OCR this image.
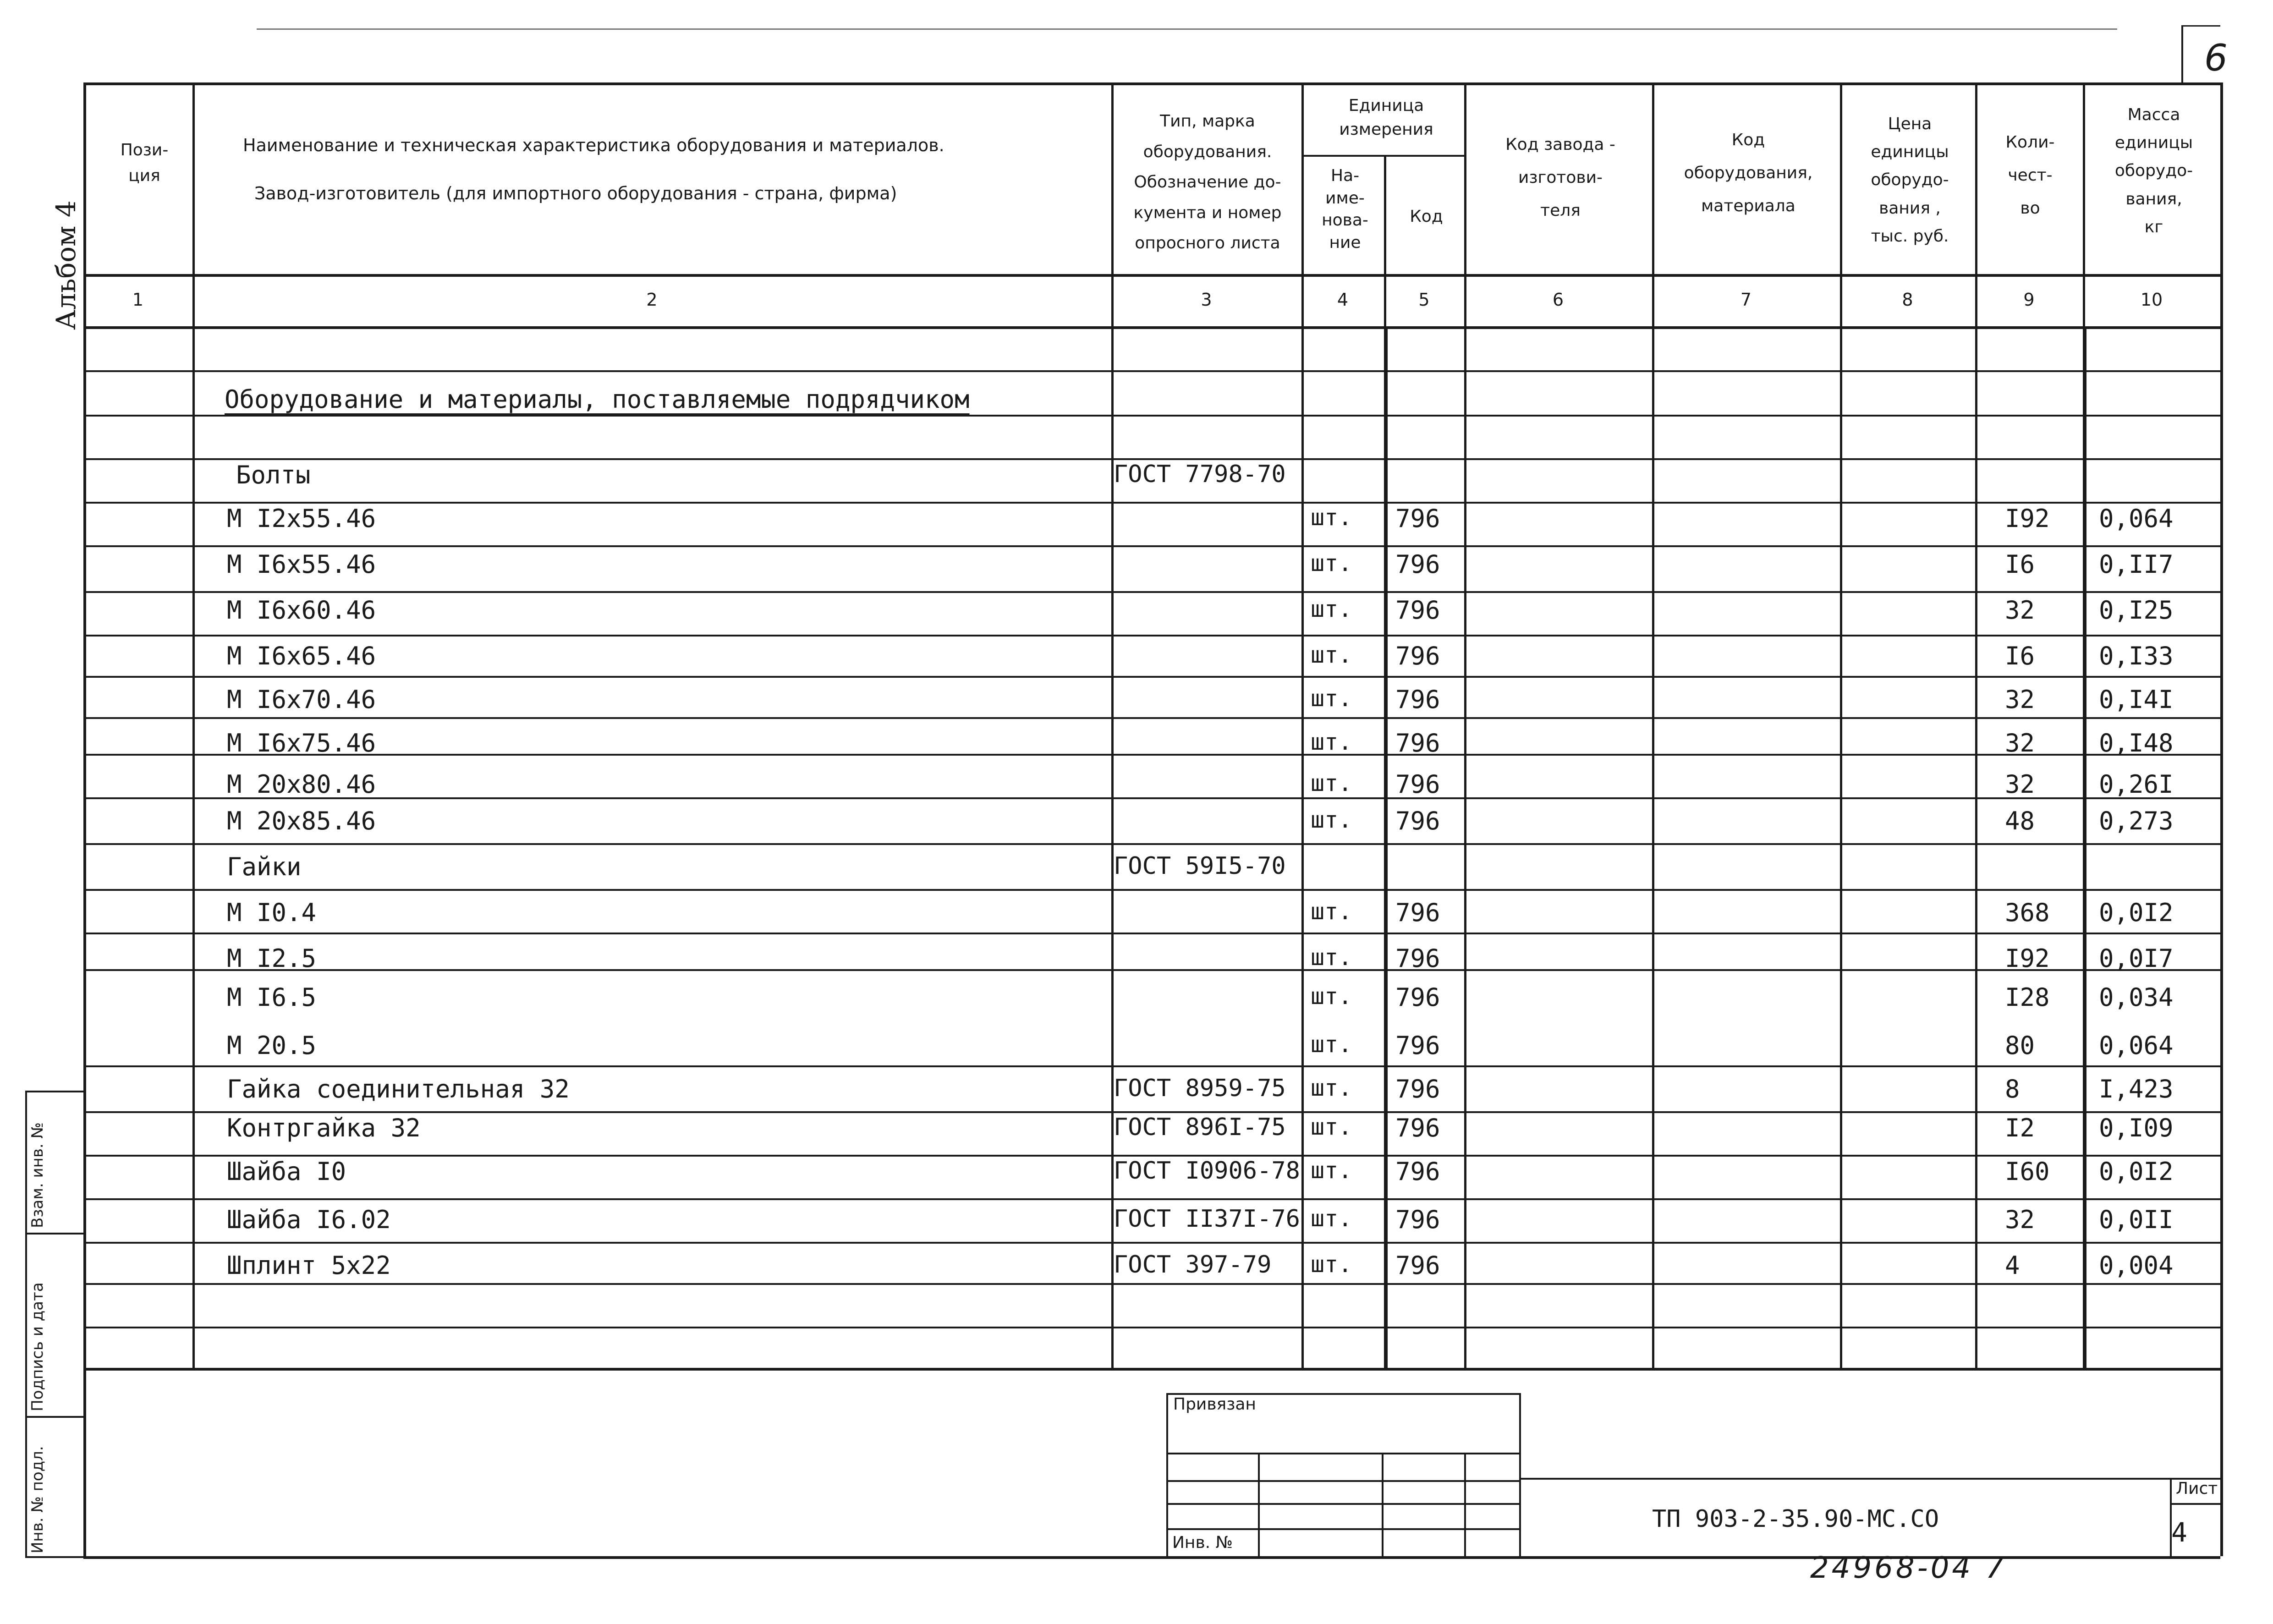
6
Альбом 4
Взам. инв. №
Подпись и дата
Инв. № подл.
Пози-
ция
Наименование и техническая характеристика оборудования и материалов.
Завод-изготовитель (для импортного оборудования - страна, фирма)
Тип, марка
оборудования.
Обозначение до-
кумента и номер
опросного листа
Единица
измерения
На-
име-
нова-
ние
Код
Код завода -
изготови-
теля
Код
оборудования,
материала
Цена
единицы
оборудо-
вания ,
тыс. руб.
Коли-
чест-
во
Масса
единицы
оборудо-
вания,
кг
1	2	3	4	5	6	7	8	9	10
Оборудование и материалы, поставляемые подрядчиком
Болты	ГОСТ 7798-70
М I2х55.46	шт. 796	I92 0,064
М I6х55.46	шт. 796	I6	0,II7
М I6х60.46	шт. 796	32	0,I25
М I6х65.46	шт. 796	I6	0,I33
М I6х70.46	шт. 796	32	0,I4I
М I6х75.46	шт. 796	32	0,I48
М 20х80.46	шт. 796	32	0,26I
М 20х85.46	шт. 796	48	0,273
Гайки	ГОСТ 59I5-70
М I0.4	шт. 796	368 0,0I2
М I2.5	шт. 796	I92 0,0I7
М I6.5	шт. 796	I28 0,034
М 20.5	шт. 796	80	0,064
Гайка соединительная 32	ГОСТ 8959-75 шт. 796	8	I,423
Контргайка 32	ГОСТ 896I-75 шт. 796	I2	0,I09
Шайба I0	ГОСТ I0906-78 шт. 796	I60 0,0I2
Шайба I6.02	ГОСТ II37I-76 шт. 796	32	0,0II
Шплинт 5х22	ГОСТ 397-79 шт. 796	4	0,004
Привязан
Инв. №
ТП 903-2-35.90-МС.СО
Лист
4
24968-04 7
